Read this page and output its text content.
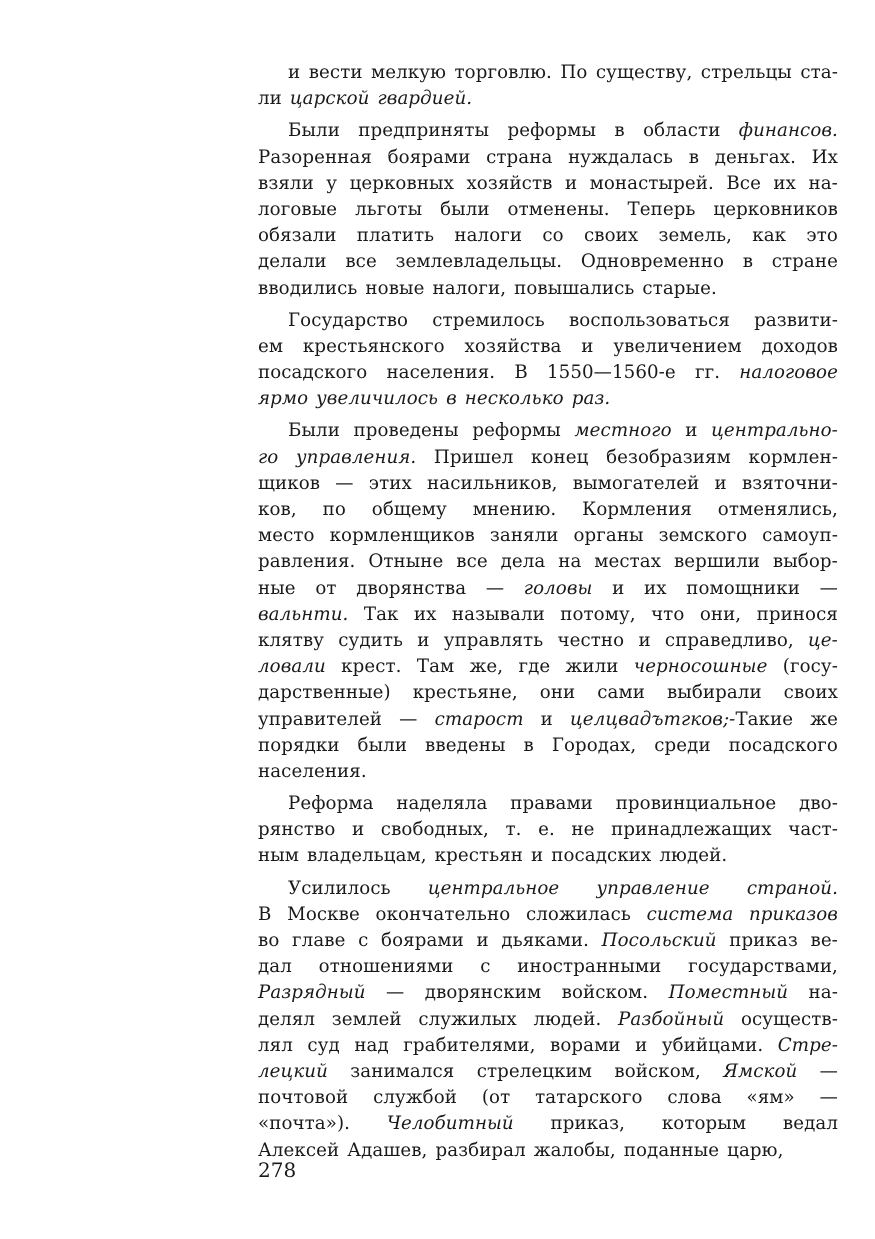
и вести мелкую торговлю. По существу, стрельцы ста-
ли царской гвардией.
Были предприняты реформы в области финансов.
Разоренная боярами страна нуждалась в деньгах. Их
взяли у церковных хозяйств и монастырей. Все их на-
логовые льготы были отменены. Теперь церковников
обязали платить налоги со своих земель, как это
делали все землевладельцы. Одновременно в стране
вводились новые налоги, повышались старые.
Государство стремилось воспользоваться развити-
ем крестьянского хозяйства и увеличением доходов
посадского населения. В 1550—1560-е гг. налоговое
ярмо увеличилось в несколько раз.
Были проведены реформы местного и центрально-
го управления. Пришел конец безобразиям кормлен-
щиков — этих насильников, вымогателей и взяточни-
ков, по общему мнению. Кормления отменялись,
место кормленщиков заняли органы земского самоуп-
равления. Отныне все дела на местах вершили выбор-
ные от дворянства — головы и их помощники —
вальнти. Так их называли потому, что они, принося
клятву судить и управлять честно и справедливо, це-
ловали крест. Там же, где жили черносошные (госу-
дарственные) крестьяне, они сами выбирали своих
управителей — старост и целцвадътгков;-Такие же
порядки были введены в Городах, среди посадского
населения.
Реформа наделяла правами провинциальное дво-
рянство и свободных, т. е. не принадлежащих част-
ным владельцам, крестьян и посадских людей.
Усилилось центральное управление страной.
В Москве окончательно сложилась система приказов
во главе с боярами и дьяками. Посольский приказ ве-
дал отношениями с иностранными государствами,
Разрядный — дворянским войском. Поместный на-
делял землей служилых людей. Разбойный осуществ-
лял суд над грабителями, ворами и убийцами. Стре-
лецкий занимался стрелецким войском, Ямской —
почтовой службой (от татарского слова «ям» —
«почта»). Челобитный приказ, которым ведал
Алексей Адашев, разбирал жалобы, поданные царю,
278
